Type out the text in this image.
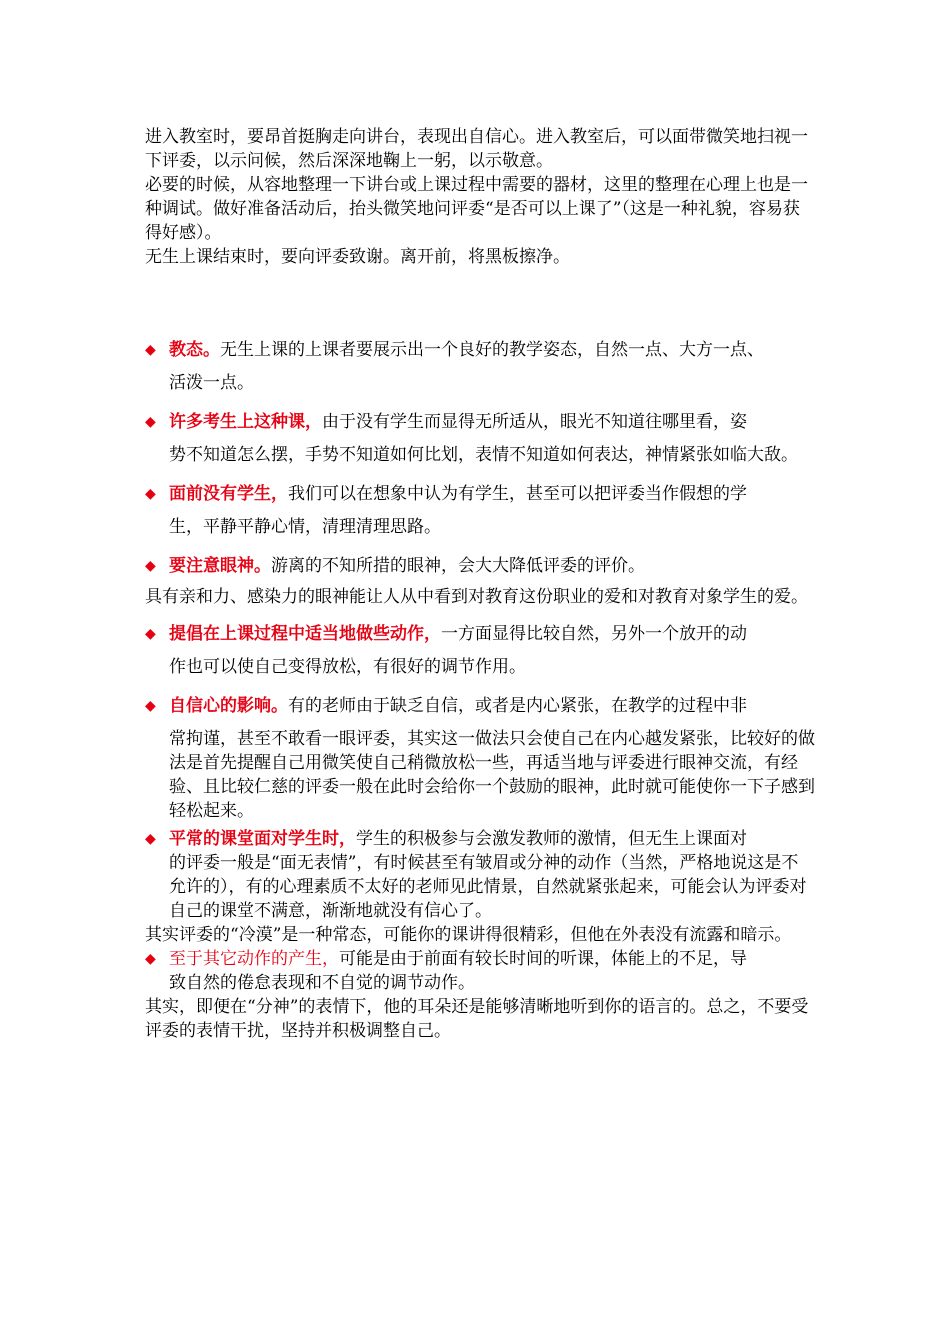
进入教室时，要昂首挺胸走向讲台，表现出自信心。进入教室后，可以面带微笑地扫视一下评委，以示问候，然后深深地鞠上一躬，以示敬意。

必要的时候，从容地整理一下讲台或上课过程中需要的器材，这里的整理在心理上也是一种调试。做好准备活动后，抬头微笑地问评委“是否可以上课了”（这是一种礼貌，容易获得好感）。

无生上课结束时，要向评委致谢。离开前，将黑板擦净。

◆ 教态。无生上课的上课者要展示出一个良好的教学姿态，自然一点、大方一点、
活泼一点。
◆ 许多考生上这种课，由于没有学生而显得无所适从，眼光不知道往哪里看，姿
势不知道怎么摆，手势不知道如何比划，表情不知道如何表达，神情紧张如临大敌。
◆ 面前没有学生，我们可以在想象中认为有学生，甚至可以把评委当作假想的学
生，平静平静心情，清理清理思路。
◆ 要注意眼神。游离的不知所措的眼神，会大大降低评委的评价。

具有亲和力、感染力的眼神能让人从中看到对教育这份职业的爱和对教育对象学生的爱。

◆ 提倡在上课过程中适当地做些动作，一方面显得比较自然，另外一个放开的动
作也可以使自己变得放松，有很好的调节作用。
◆ 自信心的影响。有的老师由于缺乏自信，或者是内心紧张，在教学的过程中非
常拘谨，甚至不敢看一眼评委，其实这一做法只会使自己在内心越发紧张，比较好的做法是首先提醒自己用微笑使自己稍微放松一些，再适当地与评委进行眼神交流，有经验、且比较仁慈的评委一般在此时会给你一个鼓励的眼神，此时就可能使你一下子感到轻松起来。
◆ 平常的课堂面对学生时，学生的积极参与会激发教师的激情，但无生上课面对
的评委一般是“面无表情”，有时候甚至有皱眉或分神的动作（当然，严格地说这是不允许的），有的心理素质不太好的老师见此情景，自然就紧张起来，可能会认为评委对自己的课堂不满意，渐渐地就没有信心了。

其实评委的“冷漠”是一种常态，可能你的课讲得很精彩，但他在外表没有流露和暗示。

◆ 至于其它动作的产生，可能是由于前面有较长时间的听课，体能上的不足，导
致自然的倦怠表现和不自觉的调节动作。

其实，即便在“分神”的表情下，他的耳朵还是能够清晰地听到你的语言的。总之，不要受评委的表情干扰，坚持并积极调整自己。
